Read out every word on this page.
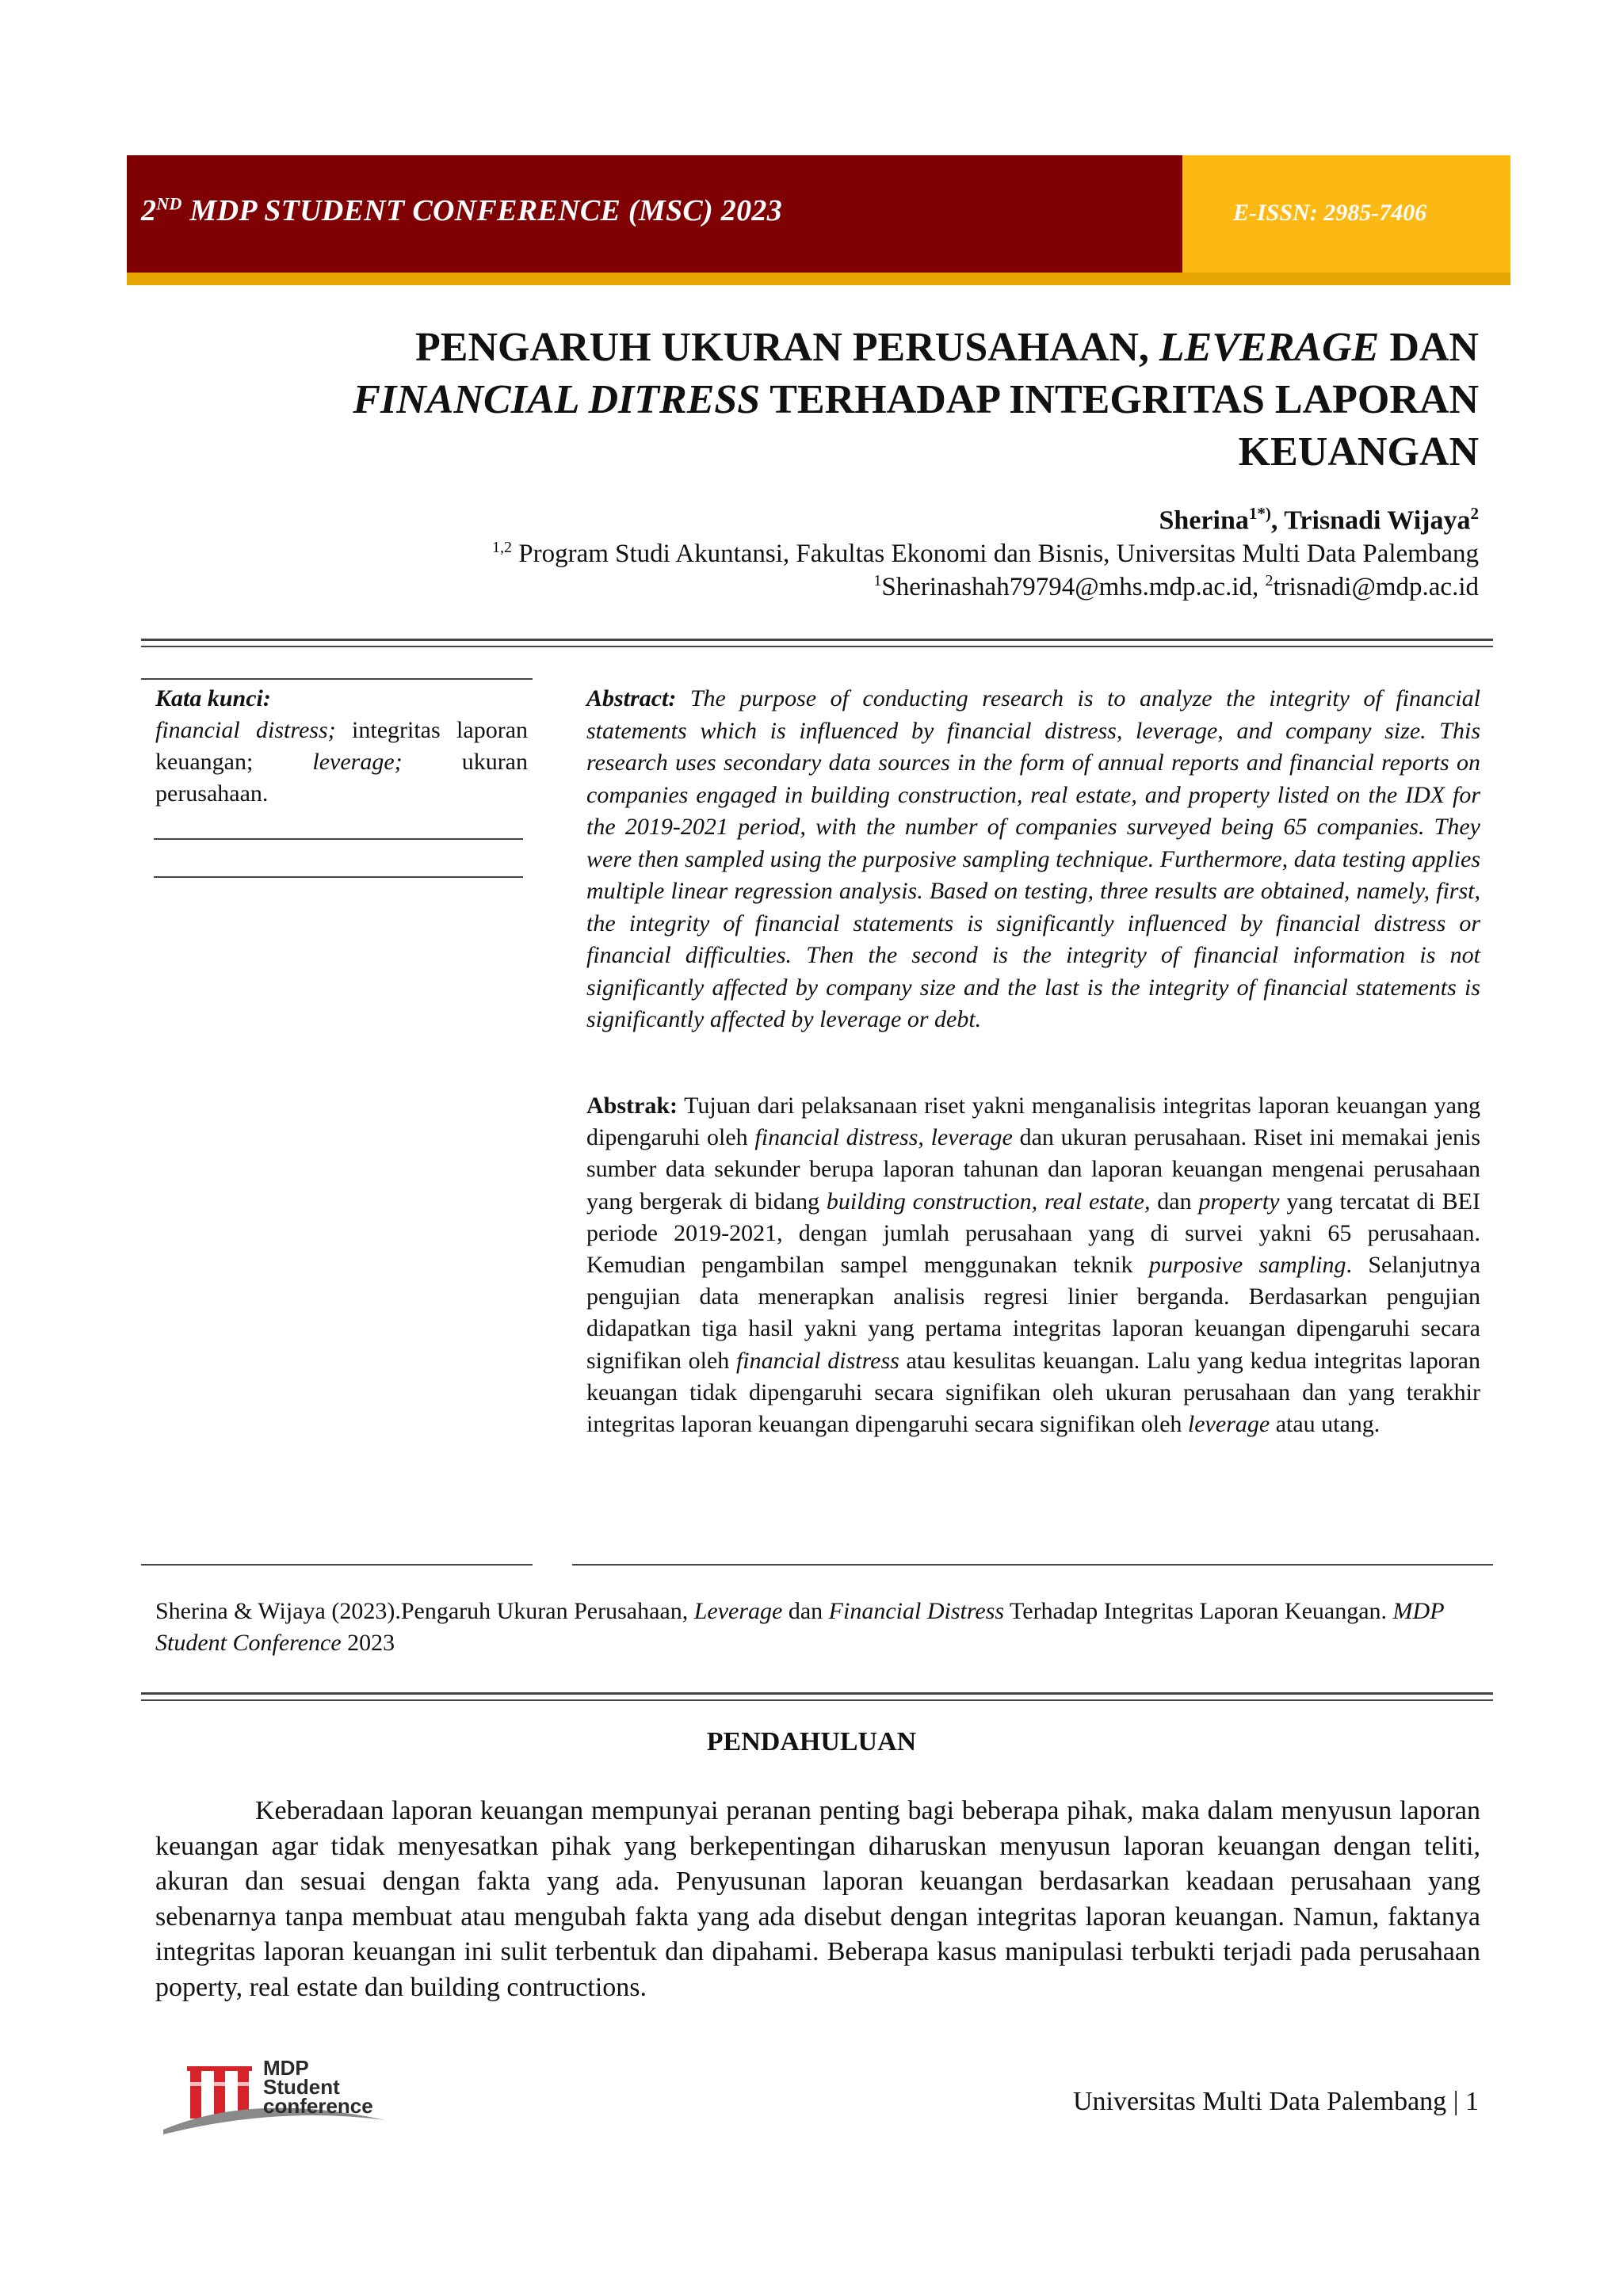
2ND MDP STUDENT CONFERENCE (MSC) 2023	E-ISSN: 2985-7406
PENGARUH UKURAN PERUSAHAAN, LEVERAGE DAN
FINANCIAL DITRESS TERHADAP INTEGRITAS LAPORAN
KEUANGAN
Sherina$^{1*)}$, Trisnadi Wijaya$^2$
$^{1,2}$ Program Studi Akuntansi, Fakultas Ekonomi dan Bisnis, Universitas Multi Data Palembang
$^1$Sherinashah79794@mhs.mdp.ac.id, $^2$trisnadi@mdp.ac.id
Kata kunci:
financial distress; integritas laporan keuangan; leverage; ukuran perusahaan.
Abstract: The purpose of conducting research is to analyze the integrity of financial statements which is influenced by financial distress, leverage, and company size. This research uses secondary data sources in the form of annual reports and financial reports on companies engaged in building construction, real estate, and property listed on the IDX for the 2019-2021 period, with the number of companies surveyed being 65 companies. They were then sampled using the purposive sampling technique. Furthermore, data testing applies multiple linear regression analysis. Based on testing, three results are obtained, namely, first, the integrity of financial statements is significantly influenced by financial distress or financial difficulties. Then the second is the integrity of financial information is not significantly affected by company size and the last is the integrity of financial statements is significantly affected by leverage or debt.
Abstrak: Tujuan dari pelaksanaan riset yakni menganalisis integritas laporan keuangan yang dipengaruhi oleh financial distress, leverage dan ukuran perusahaan. Riset ini memakai jenis sumber data sekunder berupa laporan tahunan dan laporan keuangan mengenai perusahaan yang bergerak di bidang building construction, real estate, dan property yang tercatat di BEI periode 2019-2021, dengan jumlah perusahaan yang di survei yakni 65 perusahaan. Kemudian pengambilan sampel menggunakan teknik purposive sampling. Selanjutnya pengujian data menerapkan analisis regresi linier berganda. Berdasarkan pengujian didapatkan tiga hasil yakni yang pertama integritas laporan keuangan dipengaruhi secara signifikan oleh financial distress atau kesulitas keuangan. Lalu yang kedua integritas laporan keuangan tidak dipengaruhi secara signifikan oleh ukuran perusahaan dan yang terakhir integritas laporan keuangan dipengaruhi secara signifikan oleh leverage atau utang.
Sherina & Wijaya (2023).Pengaruh Ukuran Perusahaan, Leverage dan Financial Distress Terhadap Integritas Laporan Keuangan. MDP Student Conference 2023
PENDAHULUAN
Keberadaan laporan keuangan mempunyai peranan penting bagi beberapa pihak, maka dalam menyusun laporan keuangan agar tidak menyesatkan pihak yang berkepentingan diharuskan menyusun laporan keuangan dengan teliti, akuran dan sesuai dengan fakta yang ada. Penyusunan laporan keuangan berdasarkan keadaan perusahaan yang sebenarnya tanpa membuat atau mengubah fakta yang ada disebut dengan integritas laporan keuangan. Namun, faktanya integritas laporan keuangan ini sulit terbentuk dan dipahami. Beberapa kasus manipulasi terbukti terjadi pada perusahaan poperty, real estate dan building contructions.
MDP
Student
conference	Universitas Multi Data Palembang | 1
